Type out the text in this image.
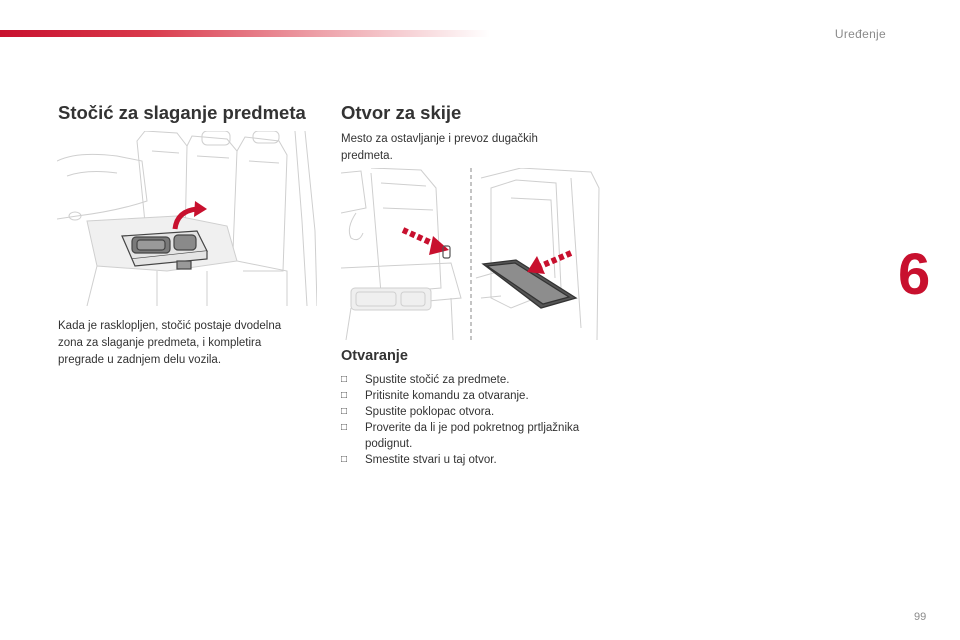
Uređenje
6
Stočić za slaganje predmeta

Kada je rasklopljen, stočić postaje dvodelna zona za slaganje predmeta, i kompletira pregrade u zadnjem delu vozila.

Otvor za skije

Mesto za ostavljanje i prevoz dugačkih predmeta.

Otvaranje
□ Spustite stočić za predmete.
□ Pritisnite komandu za otvaranje.
□ Spustite poklopac otvora.
□ Proverite da li je pod pokretnog prtljažnika podignut.
□ Smestite stvari u taj otvor.
99
